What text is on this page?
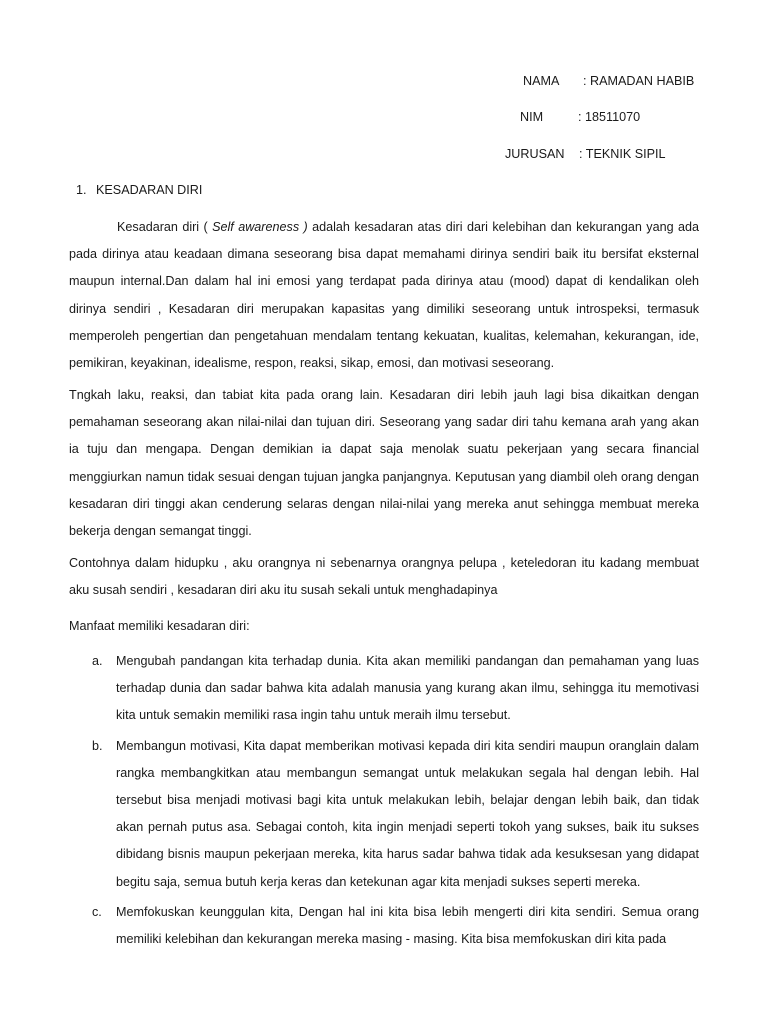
NAMA : RAMADAN HABIB
NIM	: 18511070
JURUSAN : TEKNIK SIPIL
1. KESADARAN DIRI

Kesadaran diri ( Self awareness ) adalah kesadaran atas diri dari kelebihan dan kekurangan yang ada pada dirinya atau keadaan dimana seseorang bisa dapat memahami dirinya sendiri baik itu bersifat eksternal maupun internal.Dan dalam hal ini emosi yang terdapat pada dirinya atau (mood) dapat di kendalikan oleh dirinya sendiri , Kesadaran diri merupakan kapasitas yang dimiliki seseorang untuk introspeksi, termasuk memperoleh pengertian dan pengetahuan mendalam tentang kekuatan, kualitas, kelemahan, kekurangan, ide, pemikiran, keyakinan, idealisme, respon, reaksi, sikap, emosi, dan motivasi seseorang.

Tngkah laku, reaksi, dan tabiat kita pada orang lain. Kesadaran diri lebih jauh lagi bisa dikaitkan dengan pemahaman seseorang akan nilai-nilai dan tujuan diri. Seseorang yang sadar diri tahu kemana arah yang akan ia tuju dan mengapa. Dengan demikian ia dapat saja menolak suatu pekerjaan yang secara financial menggiurkan namun tidak sesuai dengan tujuan jangka panjangnya. Keputusan yang diambil oleh orang dengan kesadaran diri tinggi akan cenderung selaras dengan nilai-nilai yang mereka anut sehingga membuat mereka bekerja dengan semangat tinggi.

Contohnya dalam hidupku , aku orangnya ni sebenarnya orangnya pelupa , keteledoran itu kadang membuat aku susah sendiri , kesadaran diri aku itu susah sekali untuk menghadapinya

Manfaat memiliki kesadaran diri:

a. Mengubah pandangan kita terhadap dunia. Kita akan memiliki pandangan dan pemahaman yang luas terhadap dunia dan sadar bahwa kita adalah manusia yang kurang akan ilmu, sehingga itu memotivasi kita untuk semakin memiliki rasa ingin tahu untuk meraih ilmu tersebut.
b. Membangun motivasi, Kita dapat memberikan motivasi kepada diri kita sendiri maupun oranglain dalam rangka membangkitkan atau membangun semangat untuk melakukan segala hal dengan lebih. Hal tersebut bisa menjadi motivasi bagi kita untuk melakukan lebih, belajar dengan lebih baik, dan tidak akan pernah putus asa. Sebagai contoh, kita ingin menjadi seperti tokoh yang sukses, baik itu sukses dibidang bisnis maupun pekerjaan mereka, kita harus sadar bahwa tidak ada kesuksesan yang didapat begitu saja, semua butuh kerja keras dan ketekunan agar kita menjadi sukses seperti mereka.
c. Memfokuskan keunggulan kita, Dengan hal ini kita bisa lebih mengerti diri kita sendiri. Semua orang memiliki kelebihan dan kekurangan mereka masing - masing. Kita bisa memfokuskan diri kita pada
